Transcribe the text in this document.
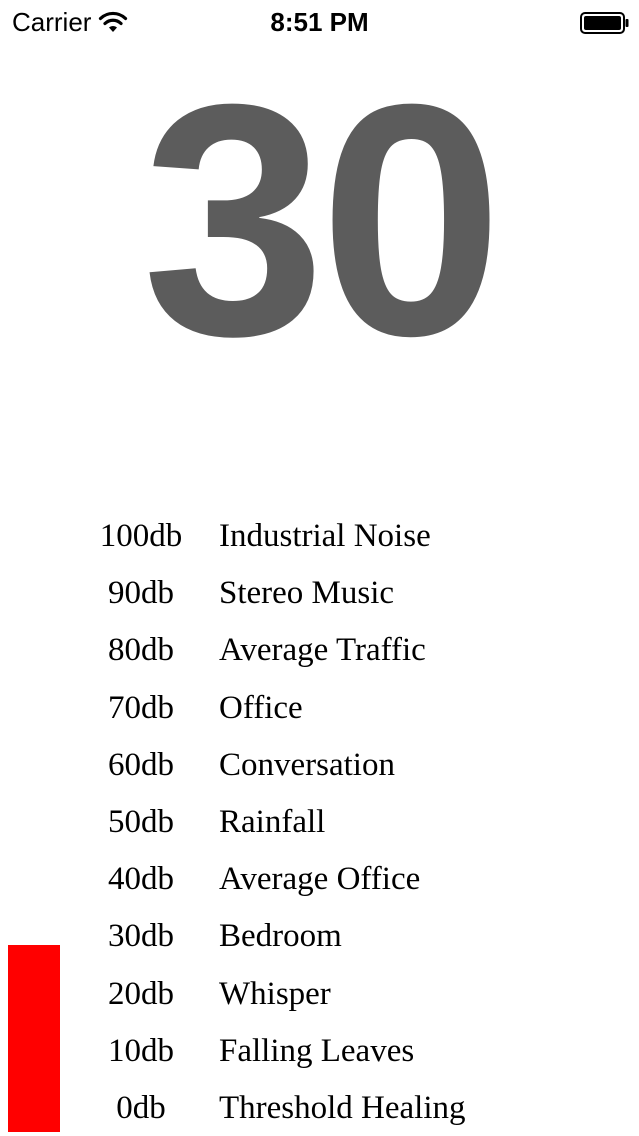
Carrier	8:51 PM
30
100db Industrial Noise
90db	Stereo Music
80db	Average Traffic
70db	Office
60db	Conversation
50db	Rainfall
40db	Average Office
30db	Bedroom
20db	Whisper
10db	Falling Leaves
0db	Threshold Healing
